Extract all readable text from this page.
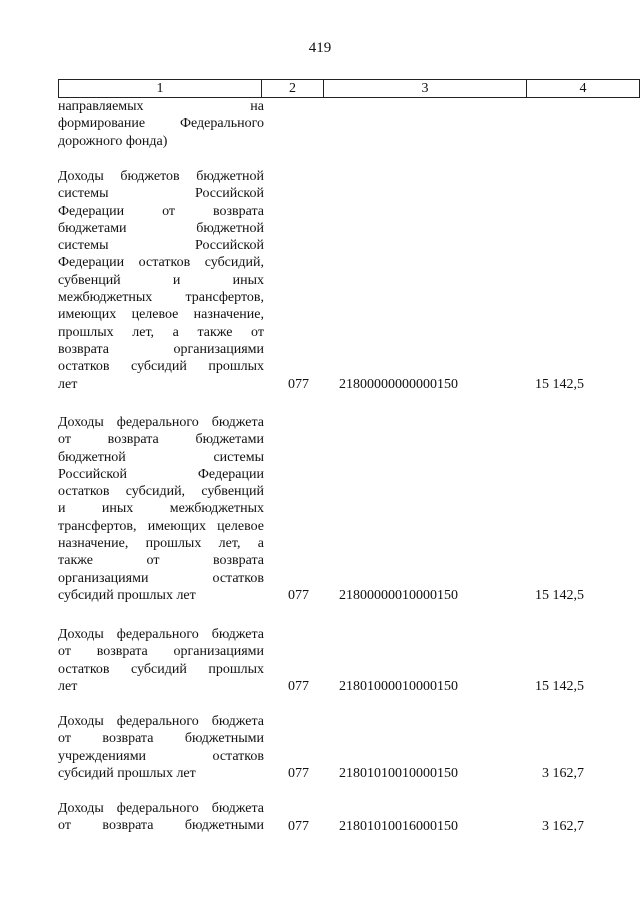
419
1	2	3	4
направляемых на
формирование Федерального
дорожного фонда)
Доходы бюджетов бюджетной
системы Российской
Федерации от возврата
бюджетами бюджетной
системы Российской
Федерации остатков субсидий,
субвенций и иных
межбюджетных трансфертов,
имеющих целевое назначение,
прошлых лет, а также от
возврата организациями
остатков субсидий прошлых
лет	077 21800000000000150	15 142,5
Доходы федерального бюджета
от возврата бюджетами
бюджетной системы
Российской Федерации
остатков субсидий, субвенций
и иных межбюджетных
трансфертов, имеющих целевое
назначение, прошлых лет, а
также от возврата
организациями остатков
субсидий прошлых лет	077 21800000010000150	15 142,5
Доходы федерального бюджета
от возврата организациями
остатков субсидий прошлых
лет	077 21801000010000150	15 142,5
Доходы федерального бюджета
от возврата бюджетными
учреждениями остатков
субсидий прошлых лет	077 21801010010000150	3 162,7
Доходы федерального бюджета
от возврата бюджетными 077 21801010016000150	3 162,7
